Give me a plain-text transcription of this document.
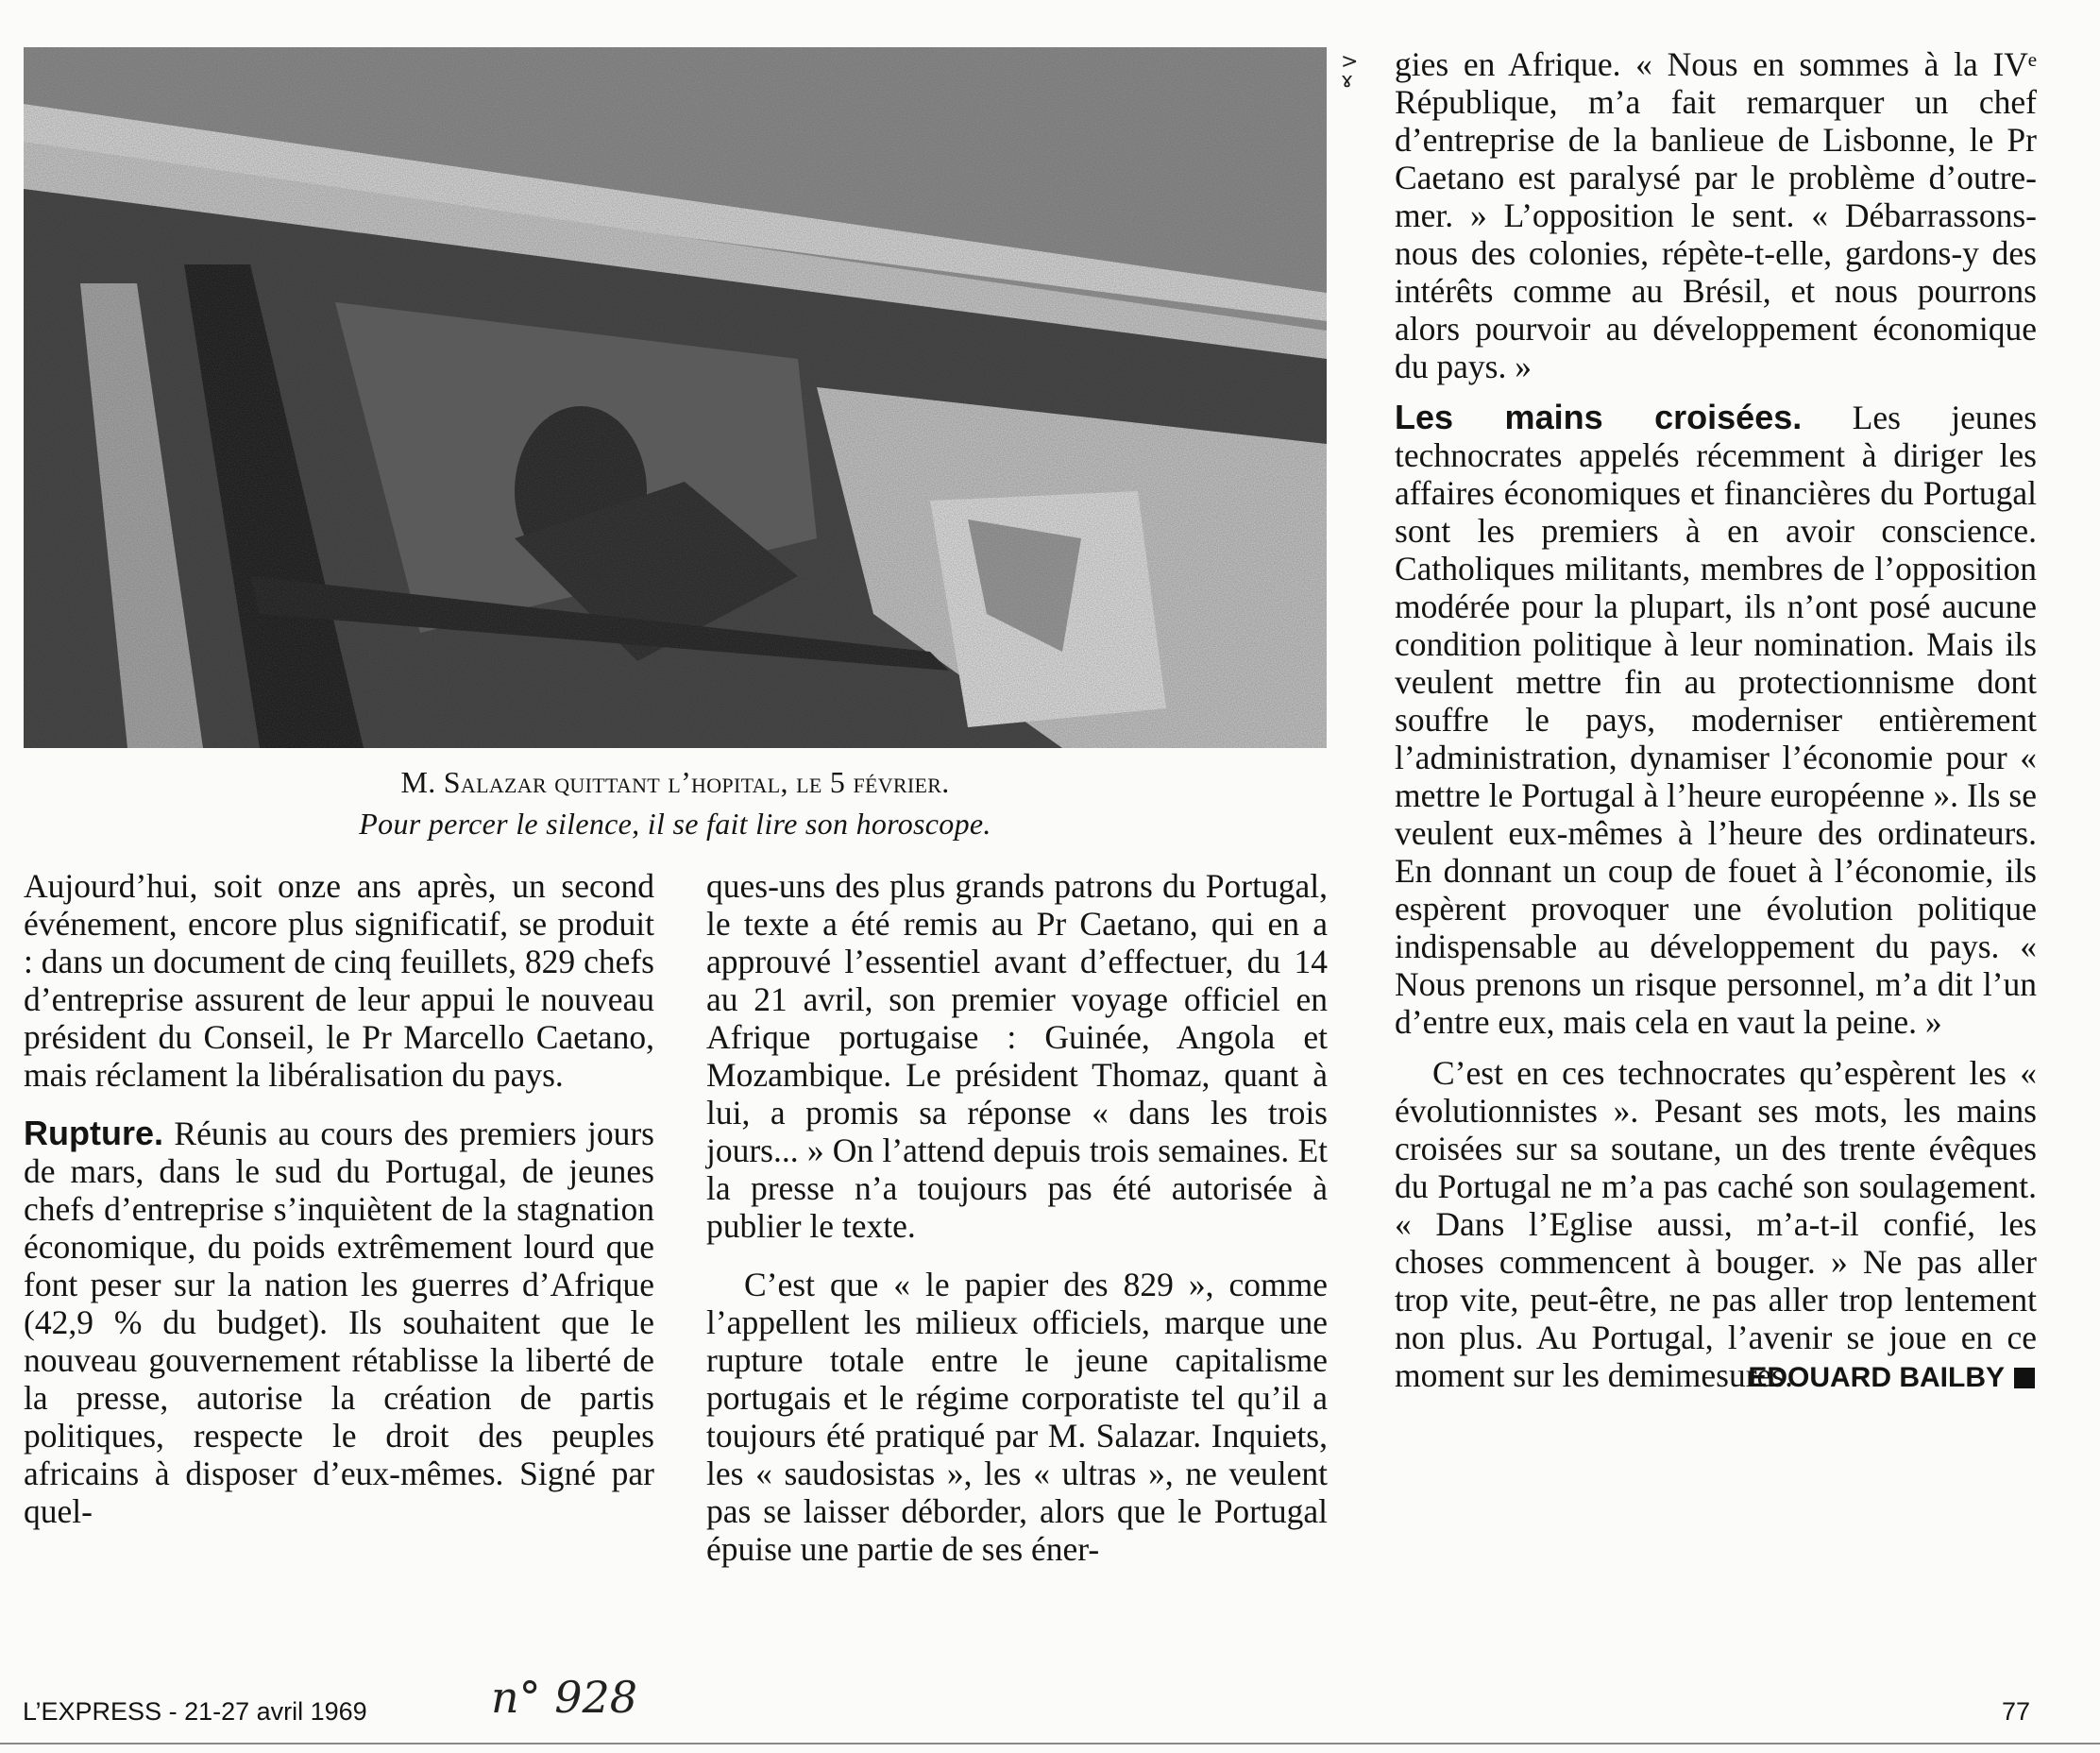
>
ɤ
M. Salazar quittant l’hopital, le 5 février.
Pour percer le silence, il se fait lire son horoscope.

Aujourd’hui, soit onze ans après, un second événement, encore plus significatif, se produit : dans un document de cinq feuillets, 829 chefs d’entreprise assurent de leur appui le nouveau président du Conseil, le Pr Marcello Caetano, mais réclament la libéralisation du pays.

Rupture. Réunis au cours des premiers jours de mars, dans le sud du Portugal, de jeunes chefs d’entreprise s’inquiètent de la stagnation économique, du poids extrêmement lourd que font peser sur la nation les guerres d’Afrique (42,9 % du budget). Ils souhaitent que le nouveau gouvernement rétablisse la liberté de la presse, autorise la création de partis politiques, respecte le droit des peuples africains à disposer d’eux-mêmes. Signé par quel-

ques-uns des plus grands patrons du Portugal, le texte a été remis au Pr Caetano, qui en a approuvé l’essentiel avant d’effectuer, du 14 au 21 avril, son premier voyage officiel en Afrique portugaise : Guinée, Angola et Mozambique. Le président Thomaz, quant à lui, a promis sa réponse « dans les trois jours... » On l’attend depuis trois semaines. Et la presse n’a toujours pas été autorisée à publier le texte.

C’est que « le papier des 829 », comme l’appellent les milieux officiels, marque une rupture totale entre le jeune capitalisme portugais et le régime corporatiste tel qu’il a toujours été pratiqué par M. Salazar. Inquiets, les « saudosistas », les « ultras », ne veulent pas se laisser déborder, alors que le Portugal épuise une partie de ses éner-

gies en Afrique. « Nous en sommes à la IVᵉ République, m’a fait remarquer un chef d’entreprise de la banlieue de Lisbonne, le Pr Caetano est paralysé par le problème d’outre-mer. » L’opposition le sent. « Débarrassons-nous des colonies, répète-t-elle, gardons-y des intérêts comme au Brésil, et nous pourrons alors pourvoir au développement économique du pays. »

Les mains croisées. Les jeunes technocrates appelés récemment à diriger les affaires économiques et financières du Portugal sont les premiers à en avoir conscience. Catholiques militants, membres de l’opposition modérée pour la plupart, ils n’ont posé aucune condition politique à leur nomination. Mais ils veulent mettre fin au protectionnisme dont souffre le pays, moderniser entièrement l’administration, dynamiser l’économie pour « mettre le Portugal à l’heure européenne ». Ils se veulent eux-mêmes à l’heure des ordinateurs. En donnant un coup de fouet à l’économie, ils espèrent provoquer une évolution politique indispensable au développement du pays. « Nous prenons un risque personnel, m’a dit l’un d’entre eux, mais cela en vaut la peine. »

C’est en ces technocrates qu’espèrent les « évolutionnistes ». Pesant ses mots, les mains croisées sur sa soutane, un des trente évêques du Portugal ne m’a pas caché son soulagement. « Dans l’Eglise aussi, m’a-t-il confié, les choses commencent à bouger. » Ne pas aller trop vite, peut-être, ne pas aller trop lentement non plus. Au Portugal, l’avenir se joue en ce moment sur les demimesures.

EDOUARD BAILBY

L’EXPRESS - 21-27 avril 1969	n° 928	77
